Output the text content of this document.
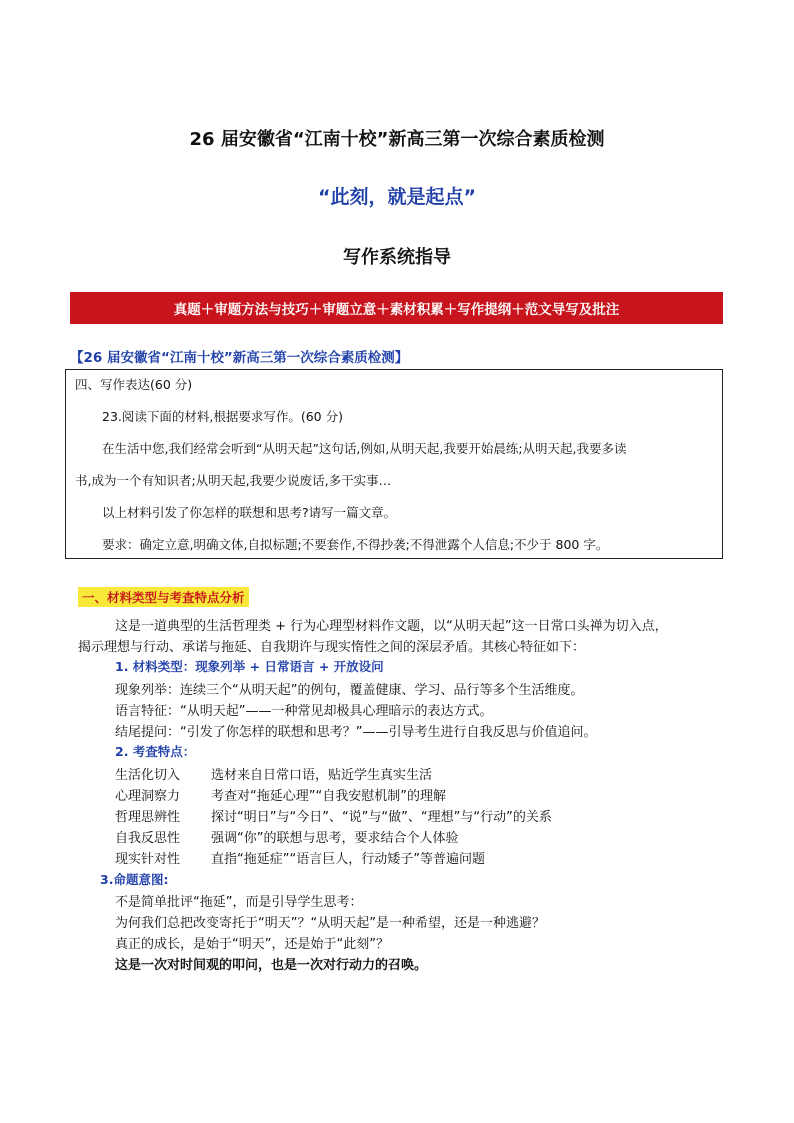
26 届安徽省“江南十校”新高三第一次综合素质检测
“此刻，就是起点”
写作系统指导
真题＋审题方法与技巧＋审题立意＋素材积累＋写作提纲＋范文导写及批注
【26 届安徽省“江南十校”新高三第一次综合素质检测】
四、写作表达(60 分)
23.阅读下面的材料,根据要求写作。(60 分)
在生活中您,我们经常会听到“从明天起”这句话,例如,从明天起,我要开始晨练;从明天起,我要多读
书,成为一个有知识者;从明天起,我要少说废话,多干实事…
以上材料引发了你怎样的联想和思考?请写一篇文章。
要求：确定立意,明确文体,自拟标题;不要套作,不得抄袭;不得泄露个人信息;不少于 800 字。
一、材料类型与考查特点分析
这是一道典型的生活哲理类 + 行为心理型材料作文题，以“从明天起”这一日常口头禅为切入点，
揭示理想与行动、承诺与拖延、自我期许与现实惰性之间的深层矛盾。其核心特征如下：
1. 材料类型：现象列举 + 日常语言 + 开放设问
现象列举：连续三个“从明天起”的例句，覆盖健康、学习、品行等多个生活维度。
语言特征：“从明天起”——一种常见却极具心理暗示的表达方式。
结尾提问：“引发了你怎样的联想和思考？”——引导考生进行自我反思与价值追问。
2. 考查特点：
生活化切入 选材来自日常口语，贴近学生真实生活
心理洞察力 考查对“拖延心理”“自我安慰机制”的理解
哲理思辨性 探讨“明日”与“今日”、“说”与“做”、“理想”与“行动”的关系
自我反思性 强调“你”的联想与思考，要求结合个人体验
现实针对性 直指“拖延症”“语言巨人，行动矮子”等普遍问题
3.命题意图:
不是简单批评“拖延”，而是引导学生思考：
为何我们总把改变寄托于“明天”？“从明天起”是一种希望，还是一种逃避？
真正的成长，是始于“明天”，还是始于“此刻”？
这是一次对时间观的叩问，也是一次对行动力的召唤。
